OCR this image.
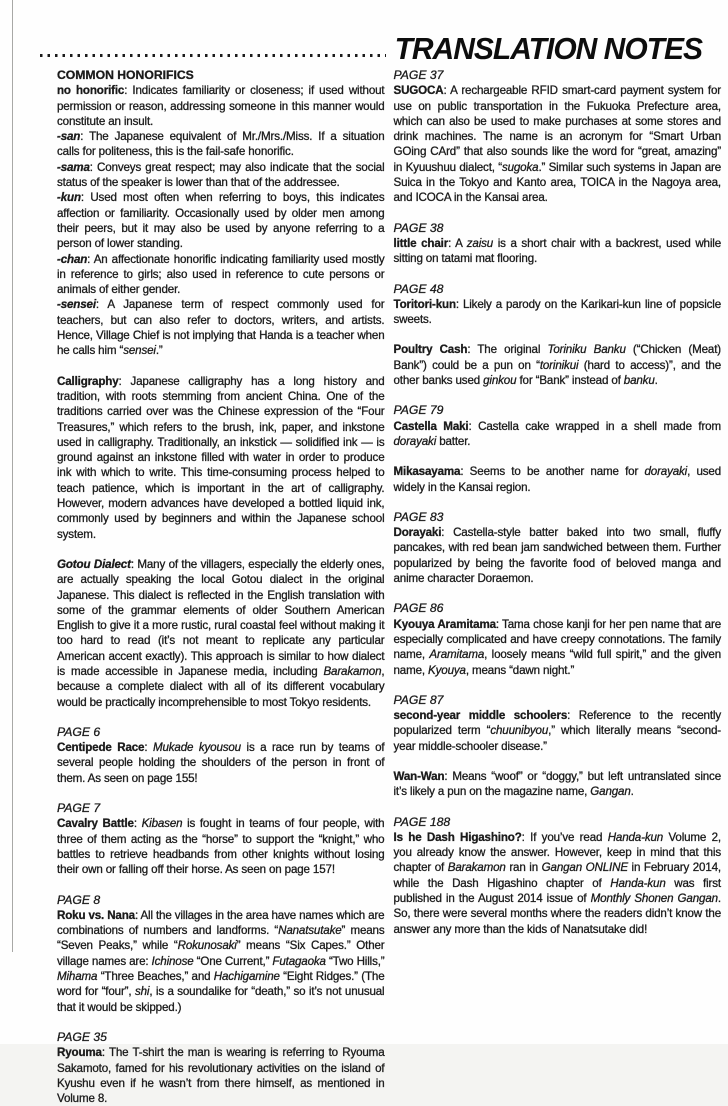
TRANSLATION NOTES
COMMON HONORIFICS

no honorific: Indicates familiarity or closeness; if used without permission or reason, addressing someone in this manner would constitute an insult.

-san: The Japanese equivalent of Mr./Mrs./Miss. If a situation calls for politeness, this is the fail-safe honorific.

-sama: Conveys great respect; may also indicate that the social status of the speaker is lower than that of the addressee.

-kun: Used most often when referring to boys, this indicates affection or familiarity. Occasionally used by older men among their peers, but it may also be used by anyone referring to a person of lower standing.

-chan: An affectionate honorific indicating familiarity used mostly in reference to girls; also used in reference to cute persons or animals of either gender.

-sensei: A Japanese term of respect commonly used for teachers, but can also refer to doctors, writers, and artists. Hence, Village Chief is not implying that Handa is a teacher when he calls him “sensei.”

Calligraphy: Japanese calligraphy has a long history and tradition, with roots stemming from ancient China. One of the traditions carried over was the Chinese expression of the “Four Treasures,” which refers to the brush, ink, paper, and inkstone used in calligraphy. Traditionally, an inkstick — solidified ink — is ground against an inkstone filled with water in order to produce ink with which to write. This time-consuming process helped to teach patience, which is important in the art of calligraphy. However, modern advances have developed a bottled liquid ink, commonly used by beginners and within the Japanese school system.

Gotou Dialect: Many of the villagers, especially the elderly ones, are actually speaking the local Gotou dialect in the original Japanese. This dialect is reflected in the English translation with some of the grammar elements of older Southern American English to give it a more rustic, rural coastal feel without making it too hard to read (it’s not meant to replicate any particular American accent exactly). This approach is similar to how dialect is made accessible in Japanese media, including Barakamon, because a complete dialect with all of its different vocabulary would be practically incomprehensible to most Tokyo residents.

PAGE 6

Centipede Race: Mukade kyousou is a race run by teams of several people holding the shoulders of the person in front of them. As seen on page 155!

PAGE 7

Cavalry Battle: Kibasen is fought in teams of four people, with three of them acting as the “horse” to support the “knight,” who battles to retrieve headbands from other knights without losing their own or falling off their horse. As seen on page 157!

PAGE 8

Roku vs. Nana: All the villages in the area have names which are combinations of numbers and landforms. “Nanatsutake” means “Seven Peaks,” while “Rokunosaki” means “Six Capes.” Other village names are: Ichinose “One Current,” Futagaoka “Two Hills,” Mihama “Three Beaches,” and Hachigamine “Eight Ridges.” (The word for “four”, shi, is a soundalike for “death,” so it’s not unusual that it would be skipped.)

PAGE 35

Ryouma: The T-shirt the man is wearing is referring to Ryouma Sakamoto, famed for his revolutionary activities on the island of Kyushu even if he wasn’t from there himself, as mentioned in Volume 8.

PAGE 37

SUGOCA: A rechargeable RFID smart-card payment system for use on public transportation in the Fukuoka Prefecture area, which can also be used to make purchases at some stores and drink machines. The name is an acronym for “Smart Urban GOing CArd” that also sounds like the word for “great, amazing” in Kyuushuu dialect, “sugoka.” Similar such systems in Japan are Suica in the Tokyo and Kanto area, TOICA in the Nagoya area, and ICOCA in the Kansai area.

PAGE 38

little chair: A zaisu is a short chair with a backrest, used while sitting on tatami mat flooring.

PAGE 48

Toritori-kun: Likely a parody on the Karikari-kun line of popsicle sweets.

Poultry Cash: The original Toriniku Banku (“Chicken (Meat) Bank”) could be a pun on “torinikui (hard to access)”, and the other banks used ginkou for “Bank” instead of banku.

PAGE 79

Castella Maki: Castella cake wrapped in a shell made from dorayaki batter.

Mikasayama: Seems to be another name for dorayaki, used widely in the Kansai region.

PAGE 83

Dorayaki: Castella-style batter baked into two small, fluffy pancakes, with red bean jam sandwiched between them. Further popularized by being the favorite food of beloved manga and anime character Doraemon.

PAGE 86

Kyouya Aramitama: Tama chose kanji for her pen name that are especially complicated and have creepy connotations. The family name, Aramitama, loosely means “wild full spirit,” and the given name, Kyouya, means “dawn night.”

PAGE 87

second-year middle schoolers: Reference to the recently popularized term “chuunibyou,” which literally means “second-year middle-schooler disease.”

Wan-Wan: Means “woof” or “doggy,” but left untranslated since it’s likely a pun on the magazine name, Gangan.

PAGE 188

Is he Dash Higashino?: If you’ve read Handa-kun Volume 2, you already know the answer. However, keep in mind that this chapter of Barakamon ran in Gangan ONLINE in February 2014, while the Dash Higashino chapter of Handa-kun was first published in the August 2014 issue of Monthly Shonen Gangan. So, there were several months where the readers didn’t know the answer any more than the kids of Nanatsutake did!
